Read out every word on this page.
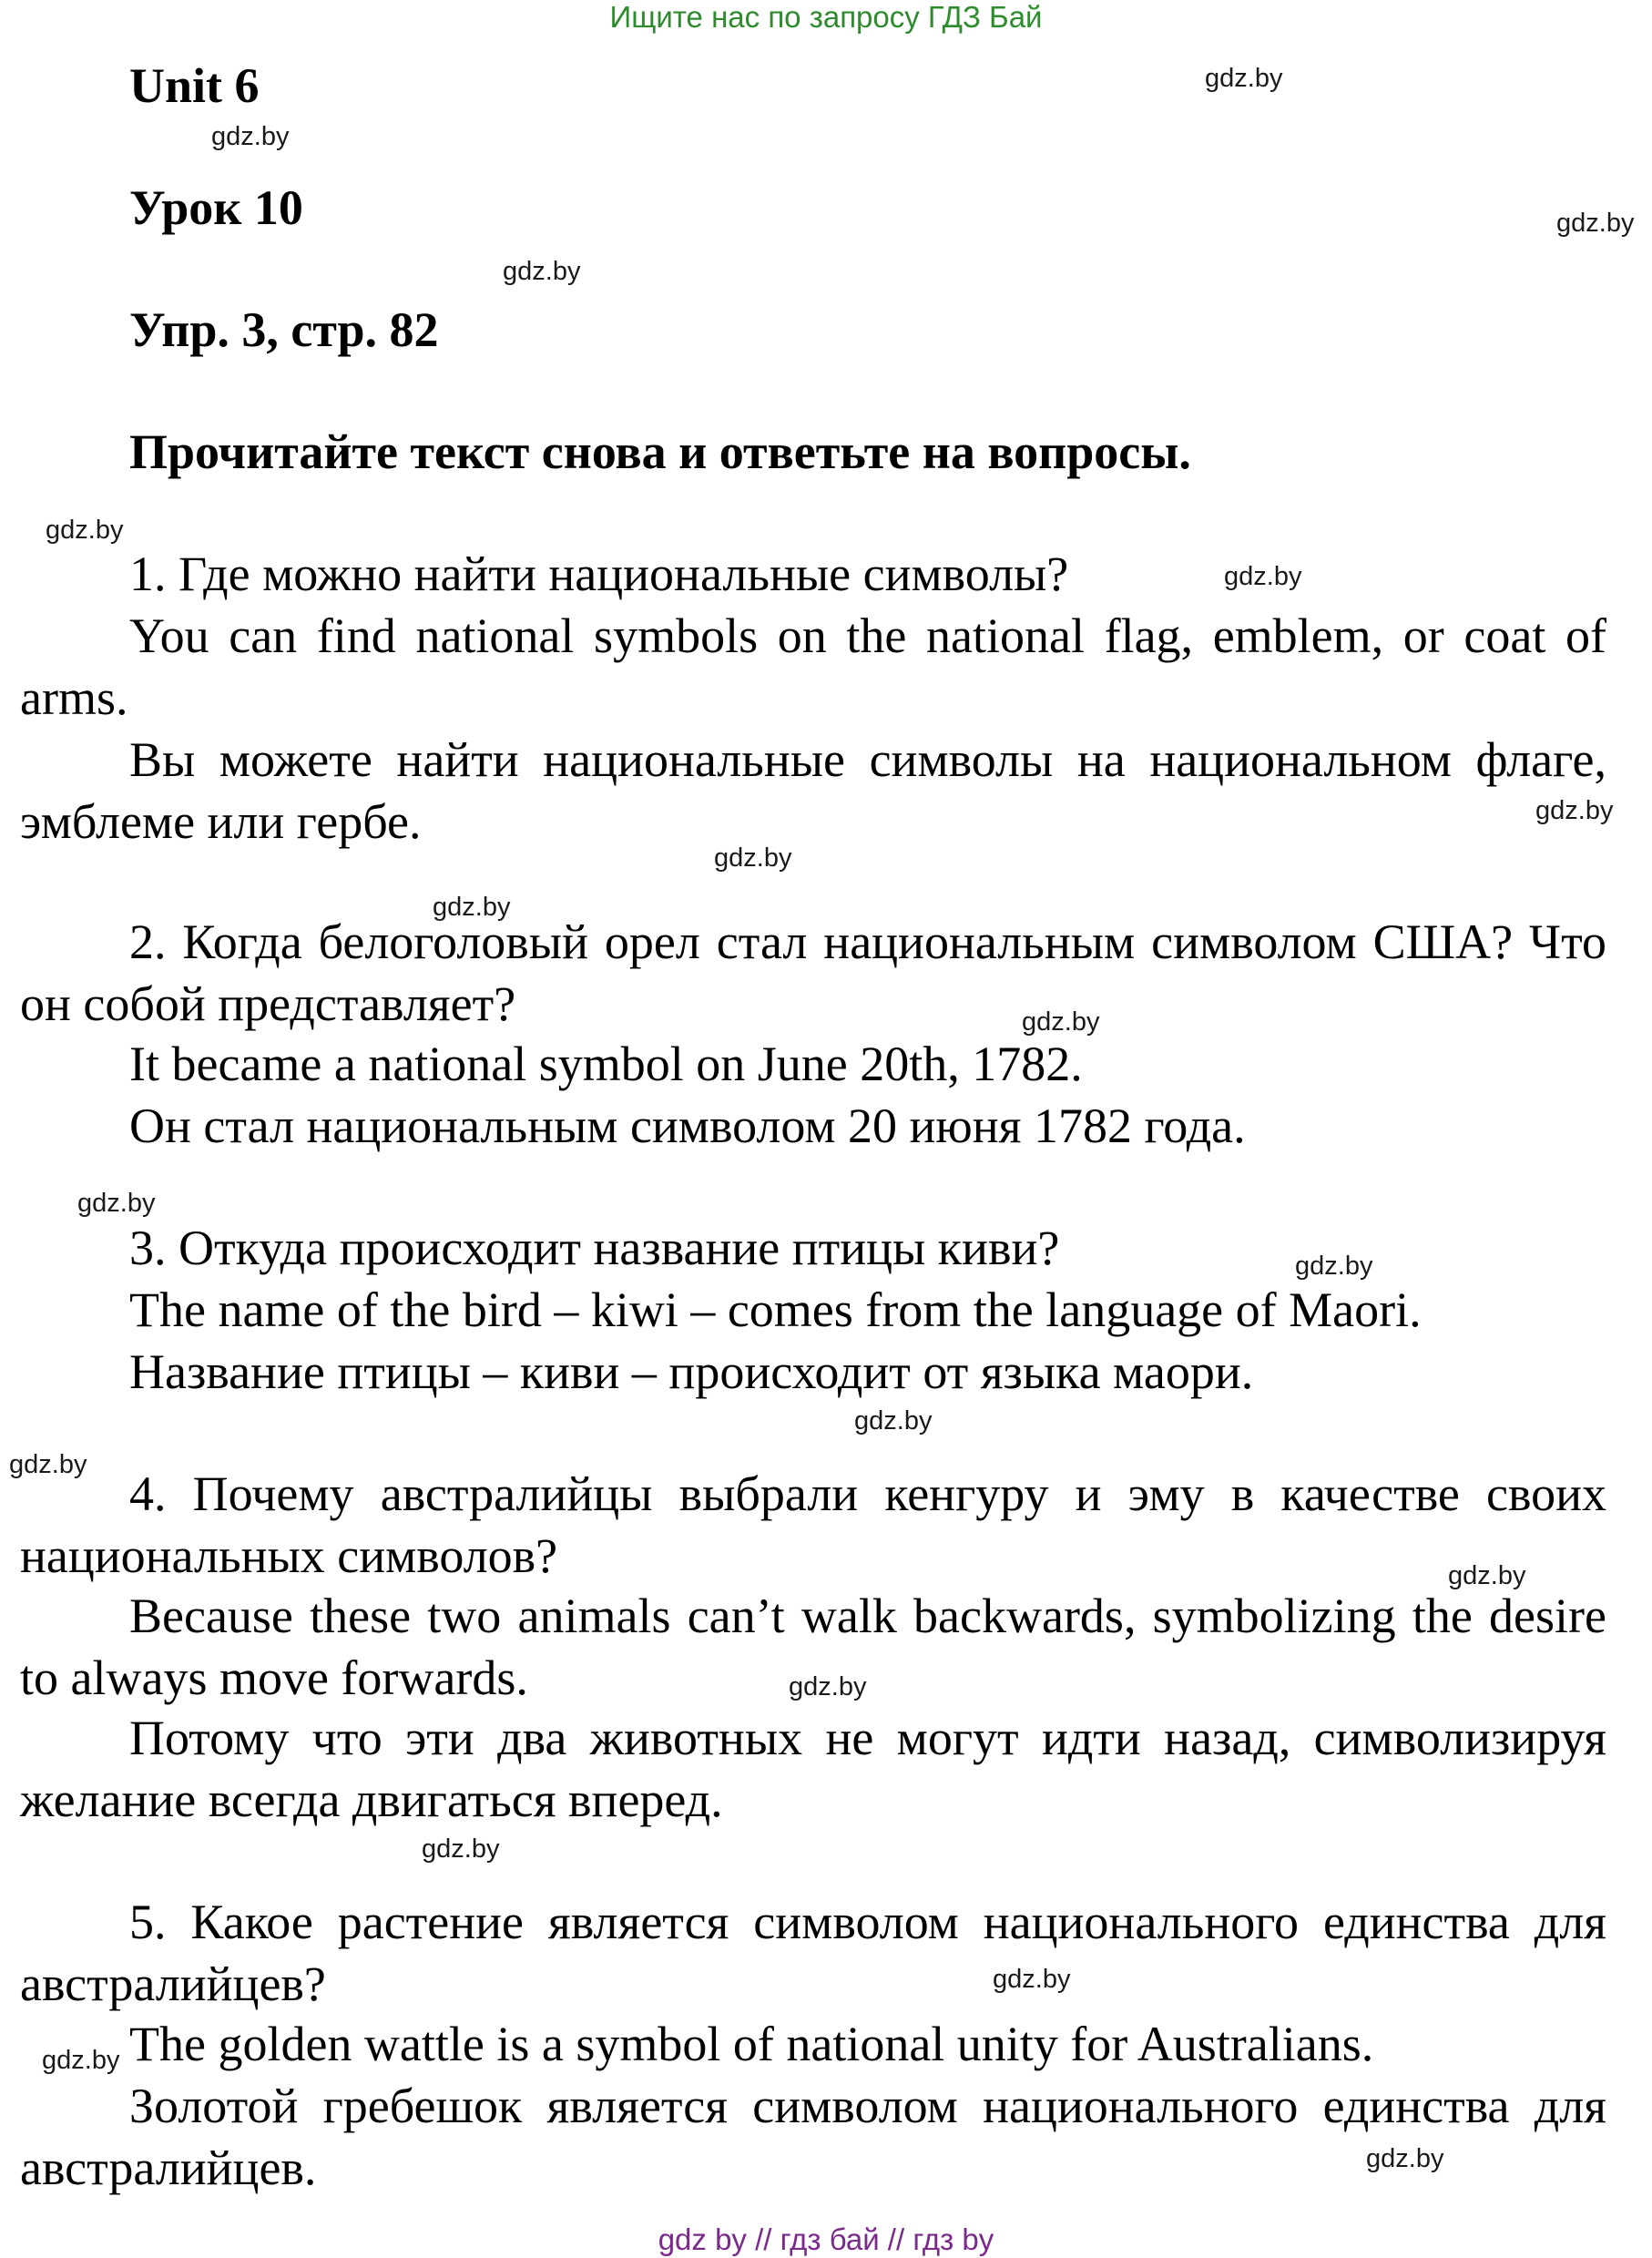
Ищите нас по запросу ГДЗ Бай
Unit 6
Урок 10
Упр. 3, стр. 82
Прочитайте текст снова и ответьте на вопросы.
1. Где можно найти национальные символы?
You can find national symbols on the national flag, emblem, or coat of arms.
Вы можете найти национальные символы на национальном флаге, эмблеме или гербе.
2. Когда белоголовый орел стал национальным символом США? Что он собой представляет?
It became a national symbol on June 20th, 1782.
Он стал национальным символом 20 июня 1782 года.
3. Откуда происходит название птицы киви?
The name of the bird – kiwi – comes from the language of Maori.
Название птицы – киви – происходит от языка маори.
4. Почему австралийцы выбрали кенгуру и эму в качестве своих национальных символов?
Because these two animals can’t walk backwards, symbolizing the desire to always move forwards.
Потому что эти два животных не могут идти назад, символизируя желание всегда двигаться вперед.
5. Какое растение является символом национального единства для австралийцев?
The golden wattle is a symbol of national unity for Australians.
Золотой гребешок является символом национального единства для австралийцев.
gdz.by
gdz.by
gdz.by
gdz.by
gdz.by
gdz.by
gdz.by
gdz.by
gdz.by
gdz.by
gdz.by
gdz.by
gdz.by
gdz.by
gdz.by
gdz.by
gdz.by
gdz.by
gdz.by
gdz.by
gdz by // гдз бай // гдз by
